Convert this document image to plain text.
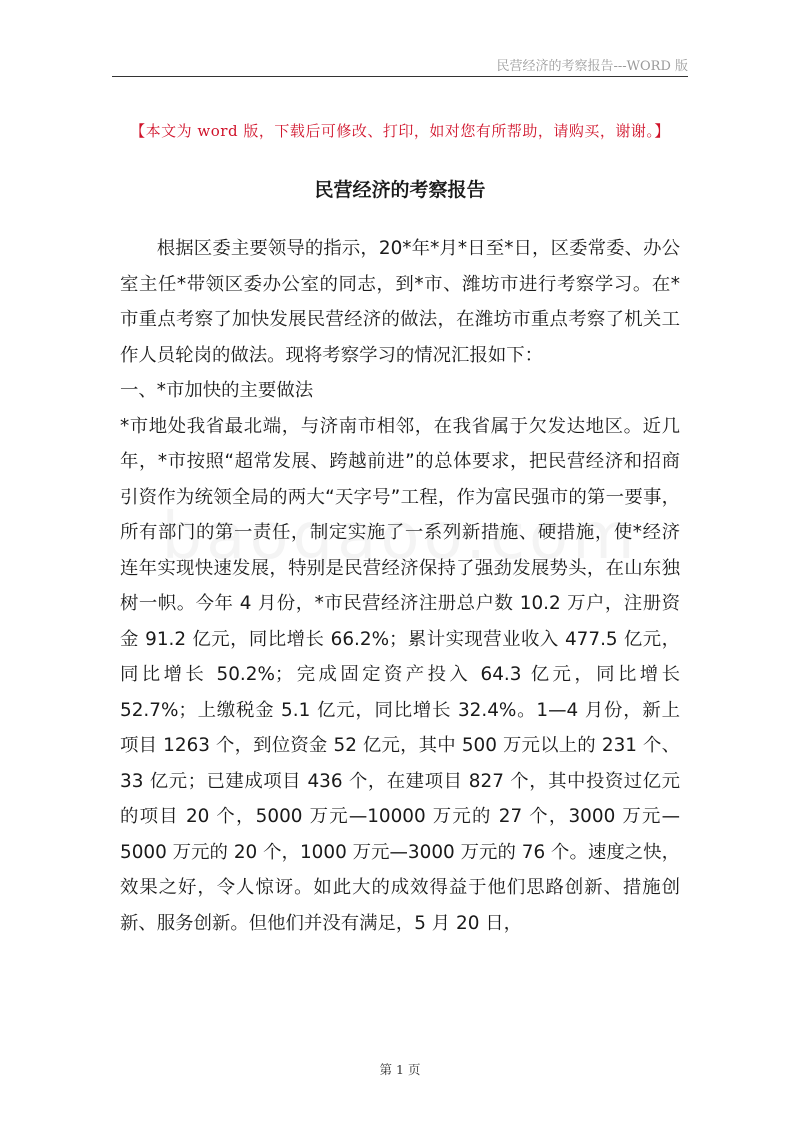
民营经济的考察报告---WORD 版
【本文为 word 版，下载后可修改、打印，如对您有所帮助，请购买，谢谢。】
民营经济的考察报告

根据区委主要领导的指示，20*年*月*日至*日，区委常委、办公室主任*带领区委办公室的同志，到*市、潍坊市进行考察学习。在*市重点考察了加快发展民营经济的做法，在潍坊市重点考察了机关工作人员轮岗的做法。现将考察学习的情况汇报如下：

一、*市加快的主要做法

*市地处我省最北端，与济南市相邻，在我省属于欠发达地区。近几年，*市按照“超常发展、跨越前进”的总体要求，把民营经济和招商引资作为统领全局的两大“天字号”工程，作为富民强市的第一要事，所有部门的第一责任，制定实施了一系列新措施、硬措施，使*经济连年实现快速发展，特别是民营经济保持了强劲发展势头，在山东独树一帜。今年 4 月份，*市民营经济注册总户数 10.2 万户，注册资金 91.2 亿元，同比增长 66.2%；累计实现营业收入 477.5 亿元，同比增长 50.2%；完成固定资产投入 64.3 亿元，同比增长 52.7%；上缴税金 5.1 亿元，同比增长 32.4%。1—4 月份，新上项目 1263 个，到位资金 52 亿元，其中 500 万元以上的 231 个、33 亿元；已建成项目 436 个，在建项目 827 个，其中投资过亿元的项目 20 个，5000 万元—10000 万元的 27 个，3000 万元—5000 万元的 20 个，1000 万元—3000 万元的 76 个。速度之快，效果之好，令人惊讶。如此大的成效得益于他们思路创新、措施创新、服务创新。但他们并没有满足，5 月 20 日，

第 1 页
